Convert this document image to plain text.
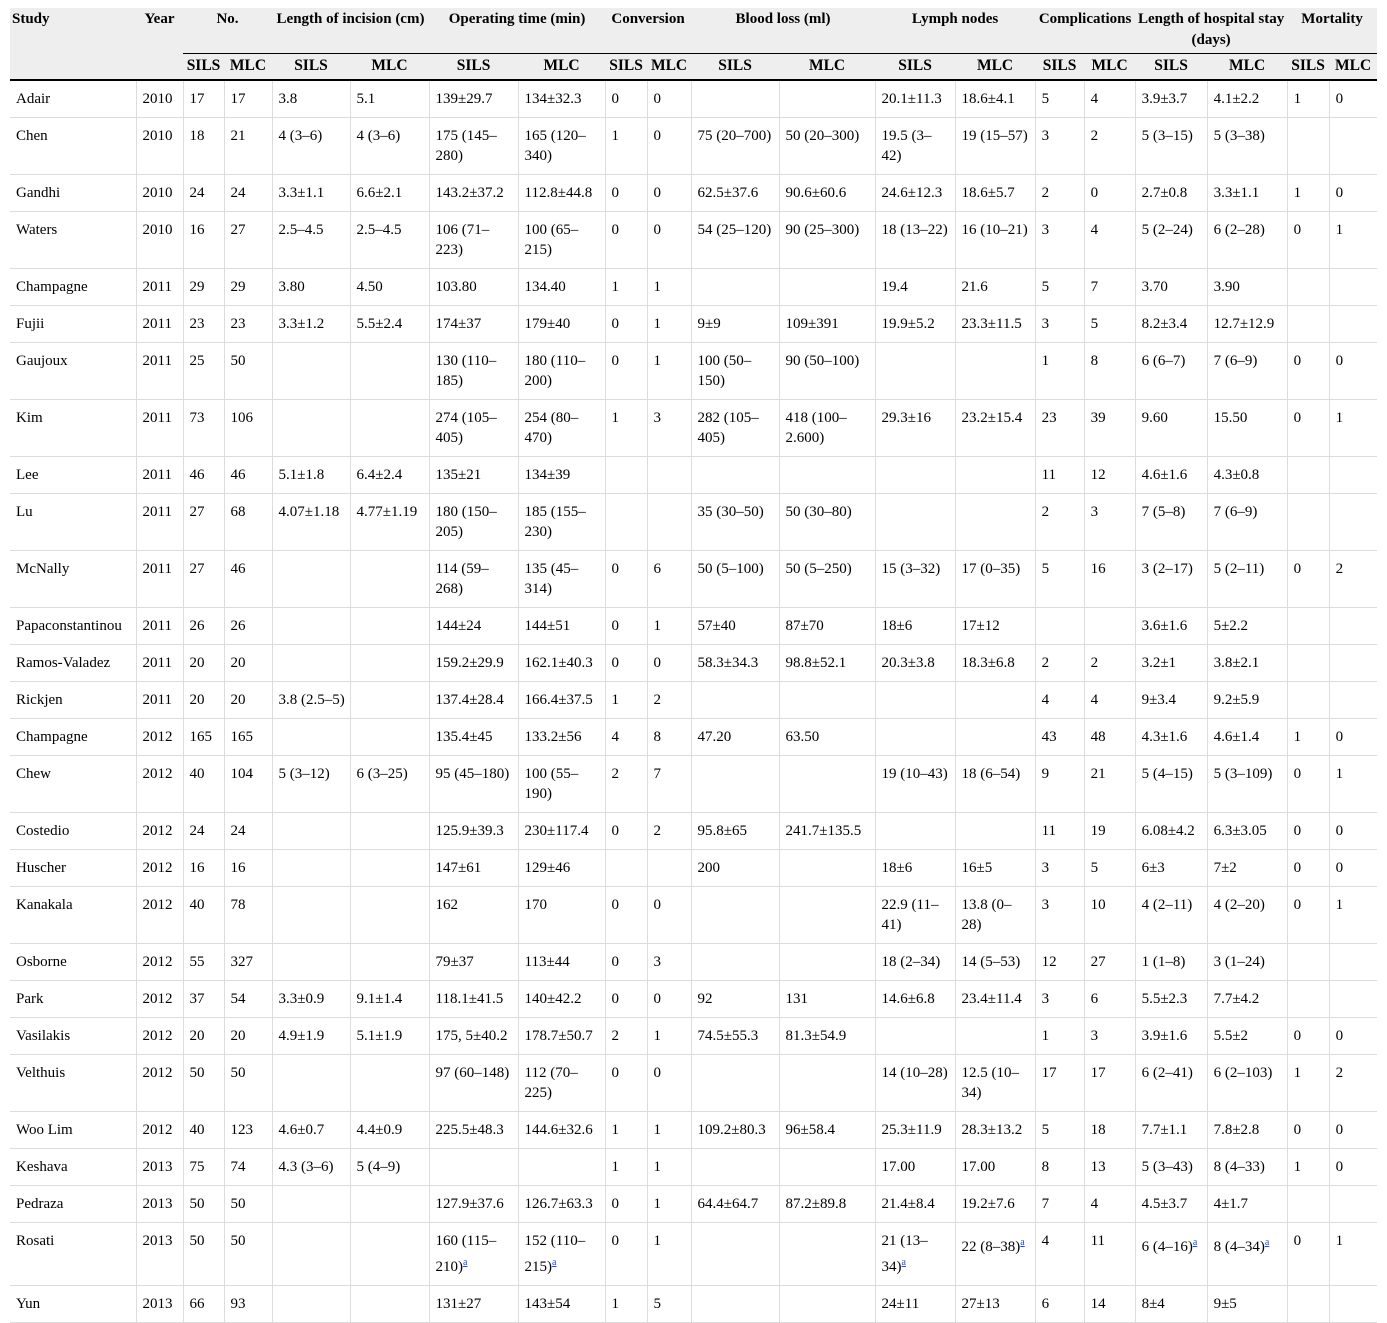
Study	Year	No.		Length of incision (cm)		Operating time (min)		Conversion		Blood loss (ml)		Lymph nodes		Complications		Length of hospital stay (days)		Mortality	
		SILS	MLC	SILS	MLC	SILS	MLC	SILS	MLC	SILS	MLC	SILS	MLC	SILS	MLC	SILS	MLC	SILS	MLC
Adair	2010	17	17	3.8	5.1	139±29.7	134±32.3	0	0			20.1±11.3	18.6±4.1	5	4	3.9±3.7	4.1±2.2	1	0
Chen	2010	18	21	4 (3–6)	4 (3–6)	175 (145–280)	165 (120–340)	1	0	75 (20–700)	50 (20–300)	19.5 (3–42)	19 (15–57)	3	2	5 (3–15)	5 (3–38)		
Gandhi	2010	24	24	3.3±1.1	6.6±2.1	143.2±37.2	112.8±44.8	0	0	62.5±37.6	90.6±60.6	24.6±12.3	18.6±5.7	2	0	2.7±0.8	3.3±1.1	1	0
Waters	2010	16	27	2.5–4.5	2.5–4.5	106 (71–223)	100 (65–215)	0	0	54 (25–120)	90 (25–300)	18 (13–22)	16 (10–21)	3	4	5 (2–24)	6 (2–28)	0	1
Champagne	2011	29	29	3.80	4.50	103.80	134.40	1	1			19.4	21.6	5	7	3.70	3.90		
Fujii	2011	23	23	3.3±1.2	5.5±2.4	174±37	179±40	0	1	9±9	109±391	19.9±5.2	23.3±11.5	3	5	8.2±3.4	12.7±12.9		
Gaujoux	2011	25	50			130 (110–185)	180 (110–200)	0	1	100 (50–150)	90 (50–100)			1	8	6 (6–7)	7 (6–9)	0	0
Kim	2011	73	106			274 (105–405)	254 (80–470)	1	3	282 (105–405)	418 (100–2.600)	29.3±16	23.2±15.4	23	39	9.60	15.50	0	1
Lee	2011	46	46	5.1±1.8	6.4±2.4	135±21	134±39							11	12	4.6±1.6	4.3±0.8		
Lu	2011	27	68	4.07±1.18	4.77±1.19	180 (150–205)	185 (155–230)			35 (30–50)	50 (30–80)			2	3	7 (5–8)	7 (6–9)		
McNally	2011	27	46			114 (59–268)	135 (45–314)	0	6	50 (5–100)	50 (5–250)	15 (3–32)	17 (0–35)	5	16	3 (2–17)	5 (2–11)	0	2
Papaconstantinou	2011	26	26			144±24	144±51	0	1	57±40	87±70	18±6	17±12			3.6±1.6	5±2.2		
Ramos-Valadez	2011	20	20			159.2±29.9	162.1±40.3	0	0	58.3±34.3	98.8±52.1	20.3±3.8	18.3±6.8	2	2	3.2±1	3.8±2.1		
Rickjen	2011	20	20	3.8 (2.5–5)		137.4±28.4	166.4±37.5	1	2					4	4	9±3.4	9.2±5.9		
Champagne	2012	165	165			135.4±45	133.2±56	4	8	47.20	63.50			43	48	4.3±1.6	4.6±1.4	1	0
Chew	2012	40	104	5 (3–12)	6 (3–25)	95 (45–180)	100 (55–190)	2	7			19 (10–43)	18 (6–54)	9	21	5 (4–15)	5 (3–109)	0	1
Costedio	2012	24	24			125.9±39.3	230±117.4	0	2	95.8±65	241.7±135.5			11	19	6.08±4.2	6.3±3.05	0	0
Huscher	2012	16	16			147±61	129±46			200		18±6	16±5	3	5	6±3	7±2	0	0
Kanakala	2012	40	78			162	170	0	0			22.9 (11–41)	13.8 (0–28)	3	10	4 (2–11)	4 (2–20)	0	1
Osborne	2012	55	327			79±37	113±44	0	3			18 (2–34)	14 (5–53)	12	27	1 (1–8)	3 (1–24)		
Park	2012	37	54	3.3±0.9	9.1±1.4	118.1±41.5	140±42.2	0	0	92	131	14.6±6.8	23.4±11.4	3	6	5.5±2.3	7.7±4.2		
Vasilakis	2012	20	20	4.9±1.9	5.1±1.9	175, 5±40.2	178.7±50.7	2	1	74.5±55.3	81.3±54.9			1	3	3.9±1.6	5.5±2	0	0
Velthuis	2012	50	50			97 (60–148)	112 (70–225)	0	0			14 (10–28)	12.5 (10–34)	17	17	6 (2–41)	6 (2–103)	1	2
Woo Lim	2012	40	123	4.6±0.7	4.4±0.9	225.5±48.3	144.6±32.6	1	1	109.2±80.3	96±58.4	25.3±11.9	28.3±13.2	5	18	7.7±1.1	7.8±2.8	0	0
Keshava	2013	75	74	4.3 (3–6)	5 (4–9)			1	1			17.00	17.00	8	13	5 (3–43)	8 (4–33)	1	0
Pedraza	2013	50	50			127.9±37.6	126.7±63.3	0	1	64.4±64.7	87.2±89.8	21.4±8.4	19.2±7.6	7	4	4.5±3.7	4±1.7		
Rosati	2013	50	50			160 (115–210)$^a$	152 (110–215)$^a$	0	1			21 (13–34)$^a$	22 (8–38)$^a$	4	11	6 (4–16)$^a$	8 (4–34)$^a$	0	1
Yun	2013	66	93			131±27	143±54	1	5			24±11	27±13	6	14	8±4	9±5		
